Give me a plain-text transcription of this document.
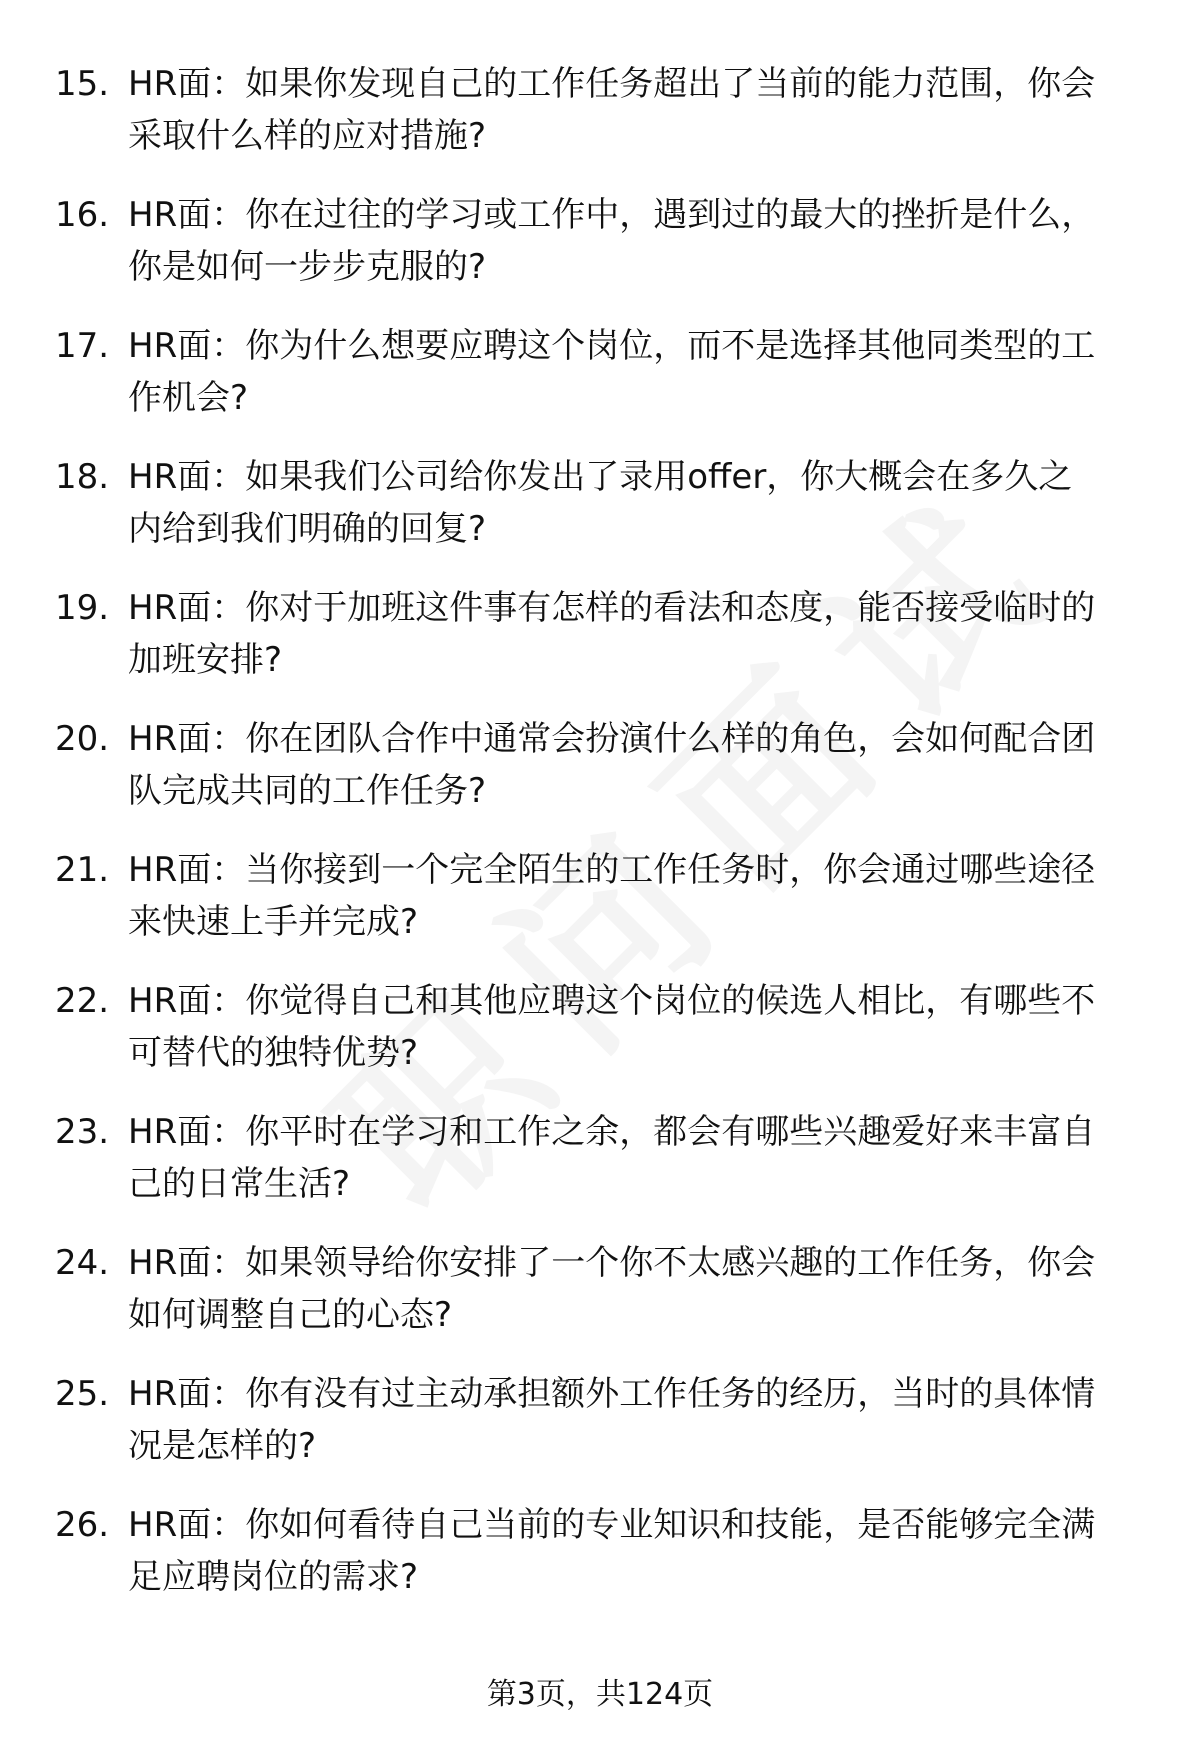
15. HR面：如果你发现自己的工作任务超出了当前的能力范围，你会
采取什么样的应对措施?
16. HR面：你在过往的学习或工作中，遇到过的最大的挫折是什么，
你是如何一步步克服的?
17. HR面：你为什么想要应聘这个岗位，而不是选择其他同类型的工
作机会?
18. HR面：如果我们公司给你发出了录用offer，你大概会在多久之
内给到我们明确的回复?
19. HR面：你对于加班这件事有怎样的看法和态度，能否接受临时的
加班安排?
20. HR面：你在团队合作中通常会扮演什么样的角色，会如何配合团
队完成共同的工作任务?
21. HR面：当你接到一个完全陌生的工作任务时，你会通过哪些途径
来快速上手并完成?
22. HR面：你觉得自己和其他应聘这个岗位的候选人相比，有哪些不
可替代的独特优势?
23. HR面：你平时在学习和工作之余，都会有哪些兴趣爱好来丰富自
己的日常生活?
24. HR面：如果领导给你安排了一个你不太感兴趣的工作任务，你会
如何调整自己的心态?
25. HR面：你有没有过主动承担额外工作任务的经历，当时的具体情
况是怎样的?
26. HR面：你如何看待自己当前的专业知识和技能，是否能够完全满
足应聘岗位的需求?
第3页，共124页
